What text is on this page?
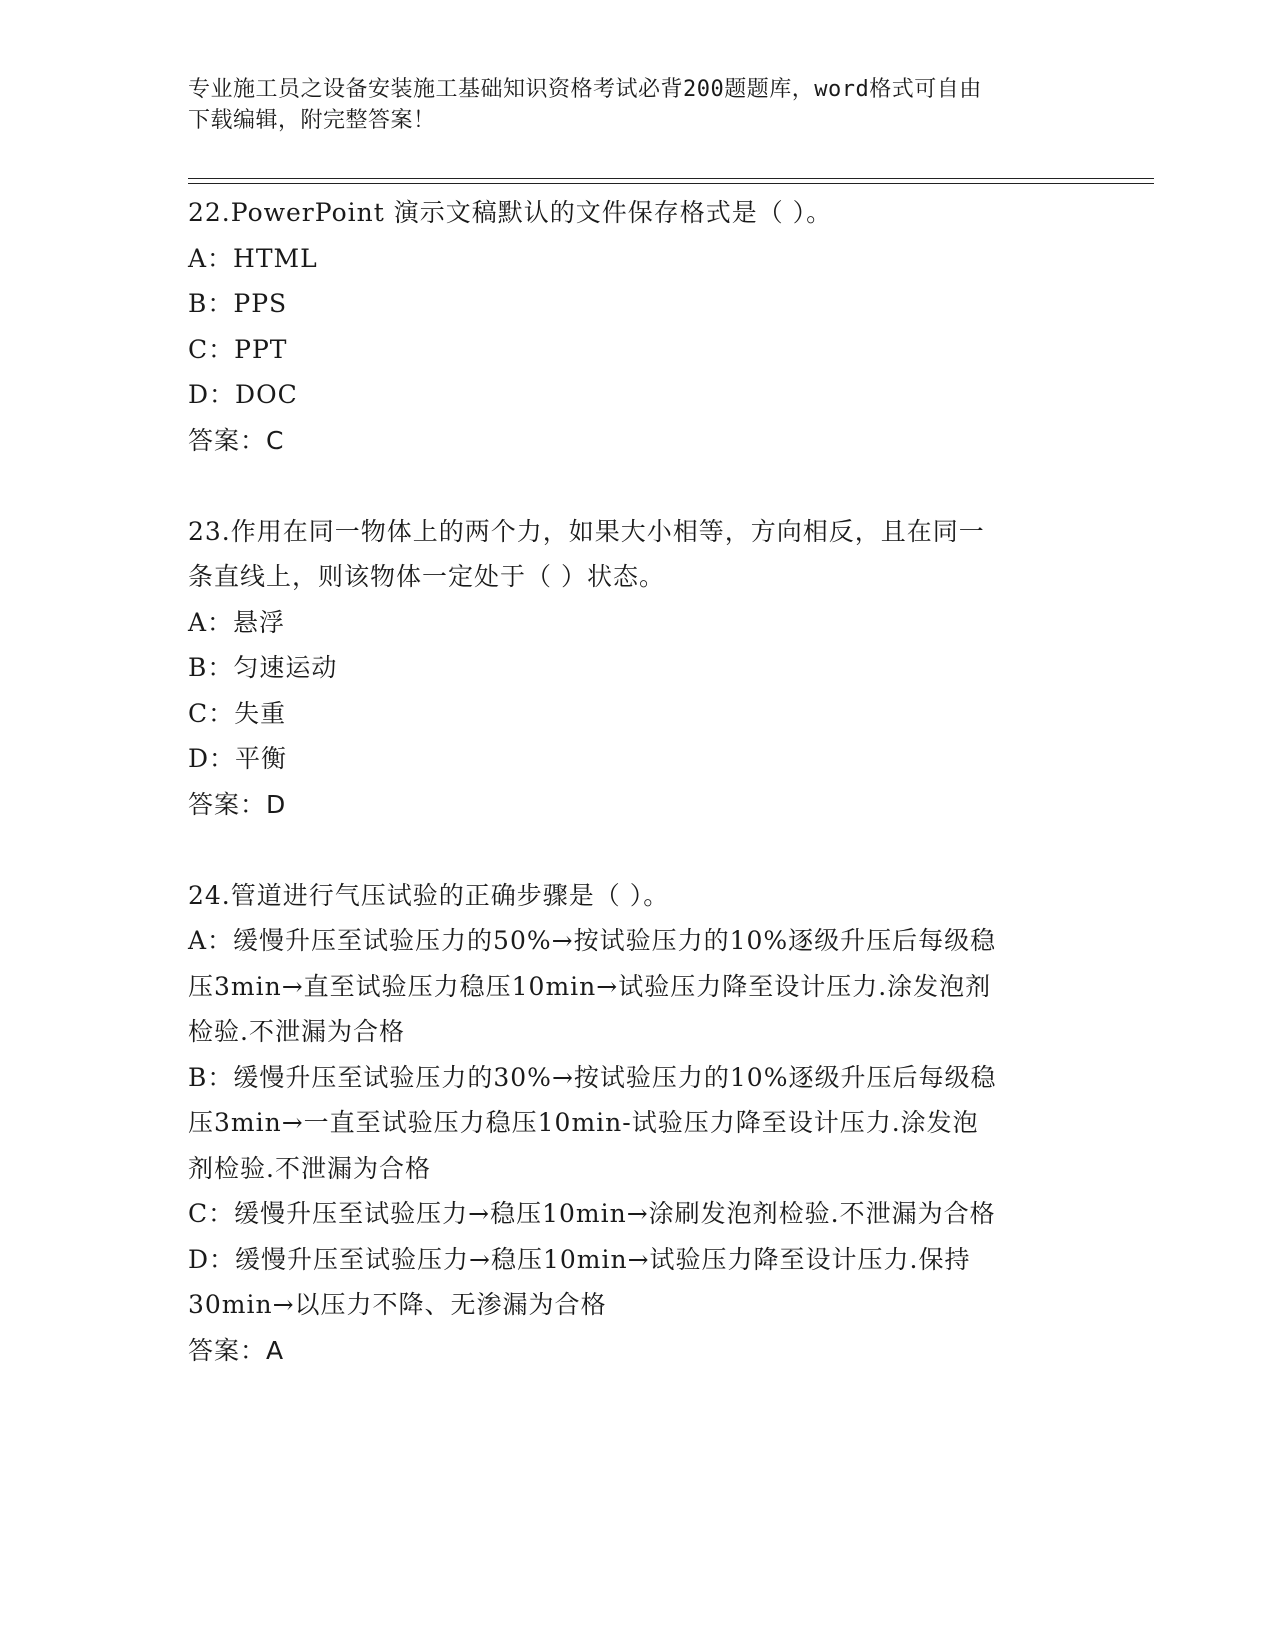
专业施工员之设备安装施工基础知识资格考试必背200题题库，word格式可自由
下载编辑，附完整答案！
22.PowerPoint 演示文稿默认的文件保存格式是（ ）。
A：HTML
B：PPS
C：PPT
D：DOC
答案：C
23.作用在同一物体上的两个力，如果大小相等，方向相反，且在同一
条直线上，则该物体一定处于（ ）状态。
A：悬浮
B：匀速运动
C：失重
D：平衡
答案：D
24.管道进行气压试验的正确步骤是（ ）。
A：缓慢升压至试验压力的50%→按试验压力的10%逐级升压后每级稳
压3min→直至试验压力稳压10min→试验压力降至设计压力.涂发泡剂
检验.不泄漏为合格
B：缓慢升压至试验压力的30%→按试验压力的10%逐级升压后每级稳
压3min→一直至试验压力稳压10min-试验压力降至设计压力.涂发泡
剂检验.不泄漏为合格
C：缓慢升压至试验压力→稳压10min→涂刷发泡剂检验.不泄漏为合格
D：缓慢升压至试验压力→稳压10min→试验压力降至设计压力.保持
30min→以压力不降、无渗漏为合格
答案：A
